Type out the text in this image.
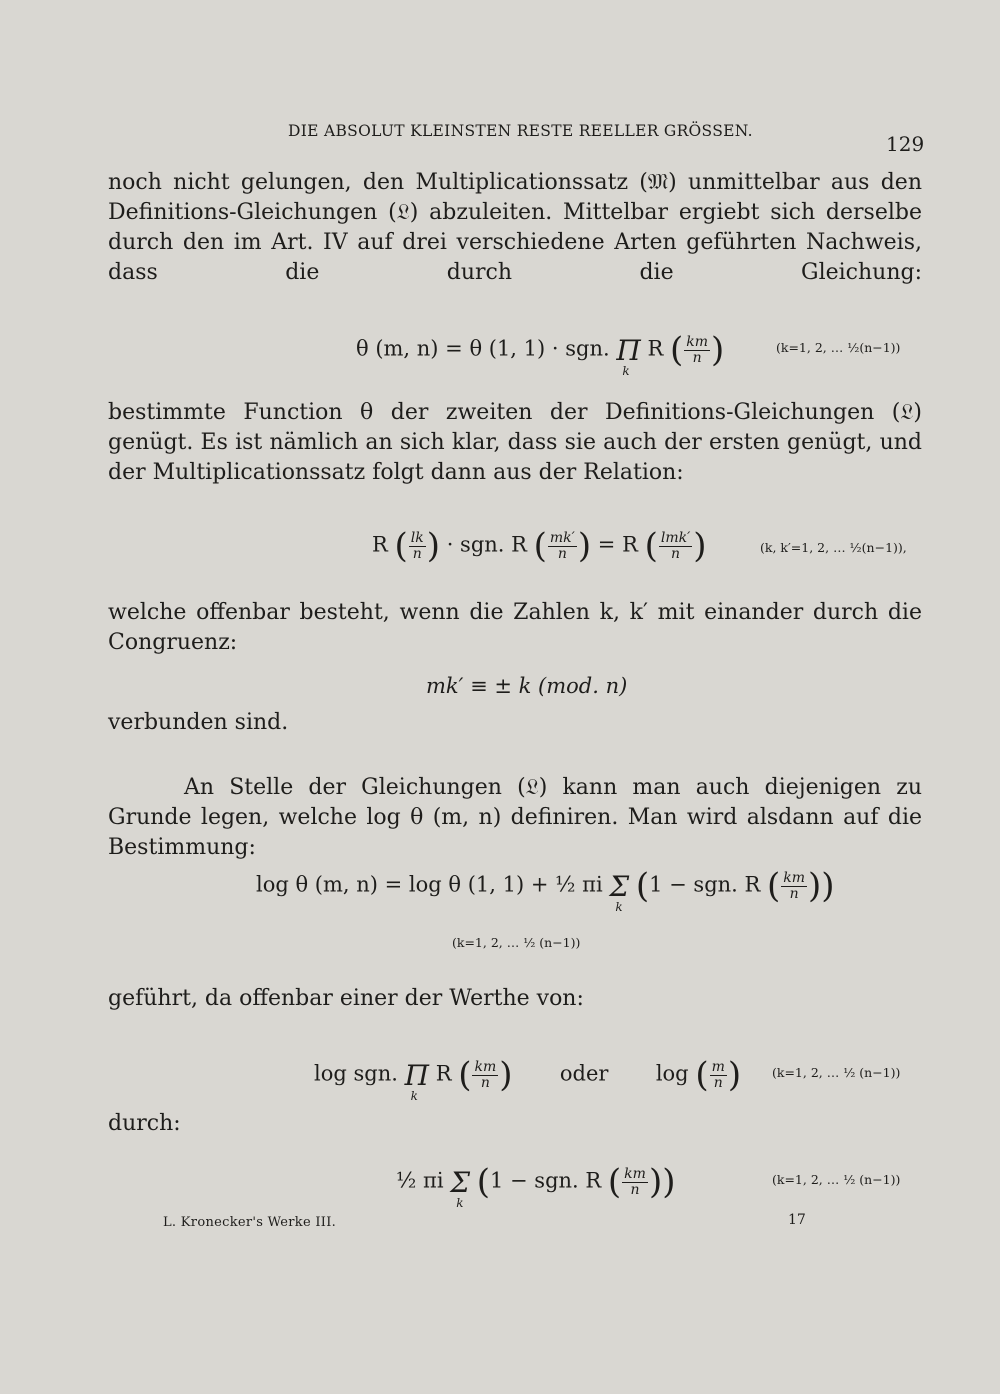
DIE ABSOLUT KLEINSTEN RESTE REELLER GRÖSSEN.
129
noch nicht gelungen, den Multiplicationssatz (𝔐) unmittelbar aus den Definitions-Gleichungen (𝔏) abzuleiten. Mittelbar ergiebt sich derselbe durch den im Art. IV auf drei verschiedene Arten geführten Nachweis, dass die durch die Gleichung:
θ (m, n) = θ (1, 1) · sgn. Π
k
R ( $\frac{km}{n}$ )	(k=1, 2, … ½(n−1))
bestimmte Function θ der zweiten der Definitions-Gleichungen (𝔏) genügt. Es ist nämlich an sich klar, dass sie auch der ersten genügt, und der Multiplicationssatz folgt dann aus der Relation:
R ( $\frac{lk}{n}$ ) · sgn. R ( $\frac{mk'}{n}$ ) = R ( $\frac{\text{lmk′}}{n}$ )	(k, k′=1, 2, … ½(n−1)),
welche offenbar besteht, wenn die Zahlen k, k′ mit einander durch die Congruenz:
mk′ ≡ ± k (mod. n)
verbunden sind.
An Stelle der Gleichungen (𝔏) kann man auch diejenigen zu Grunde legen, welche log θ (m, n) definiren. Man wird alsdann auf die Bestimmung:
log θ (m, n) = log θ (1, 1) + ½ πi Σ
k
(1 − sgn. R ( $\frac{km}{n}$ ))
(k=1, 2, … ½ (n−1))
geführt, da offenbar einer der Werthe von:
log sgn. Π
k
R ( $\frac{km}{n}$ ) oder log ( $\frac{m}{n}$ ) (k=1, 2, … ½ (n−1))
durch:
½ πi Σ
k
(1 − sgn. R ( $\frac{km}{n}$ ))	(k=1, 2, … ½ (n−1))
L. Kronecker's Werke III.	17
